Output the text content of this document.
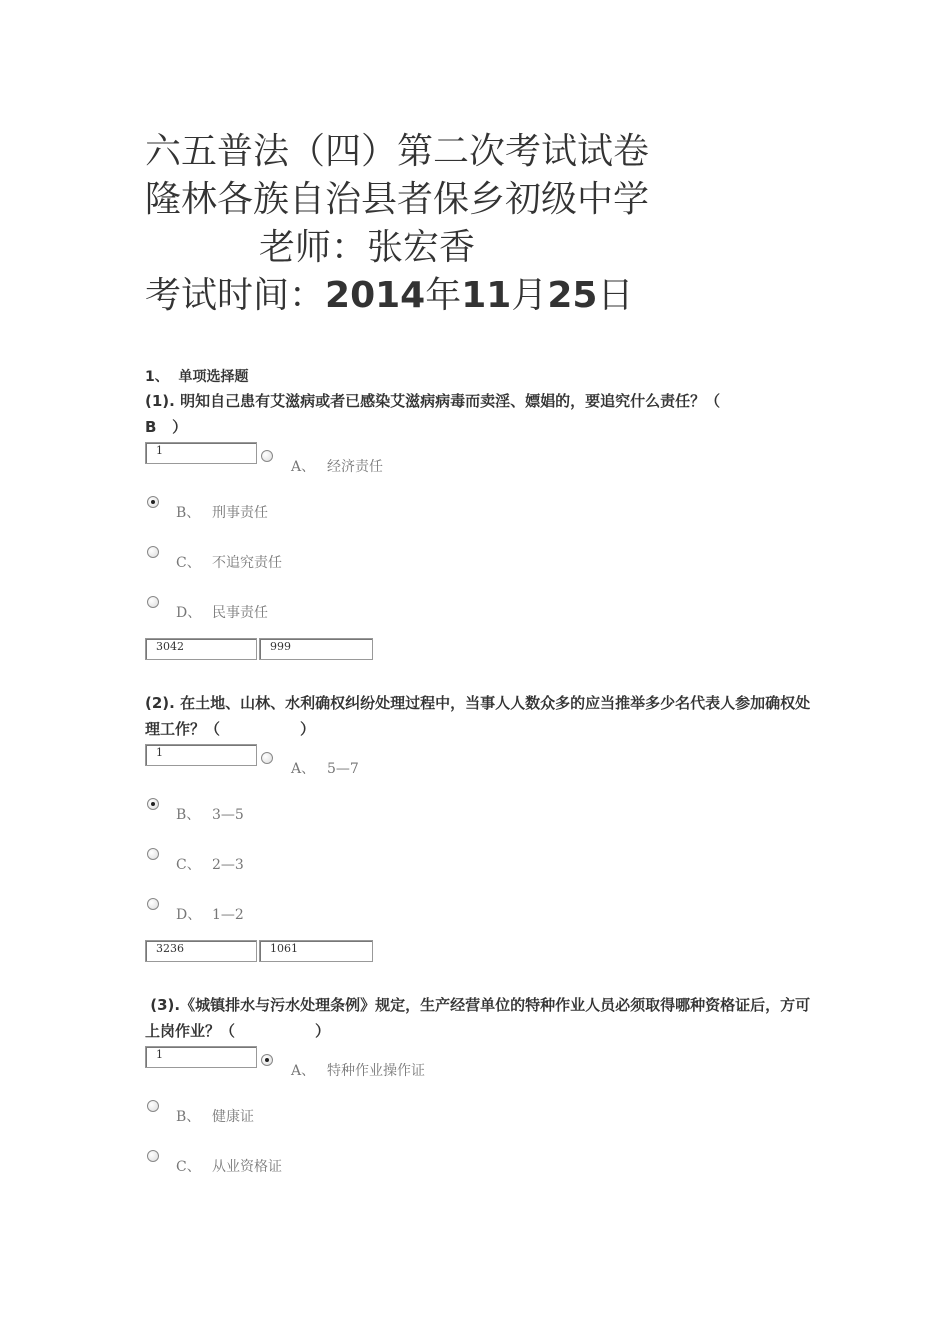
六五普法（四）第二次考试试卷
隆林各族自治县者保乡初级中学
老师：张宏香
考试时间：2014年11月25日
1、 单项选择题
(1). 明知自己患有艾滋病或者已感染艾滋病病毒而卖淫、嫖娼的，要追究什么责任？（
B ）
1
A、 经济责任
B、 刑事责任
C、 不追究责任
D、 民事责任
3042	999
(2). 在土地、山林、水利确权纠纷处理过程中，当事人人数众多的应当推举多少名代表人参加确权处理工作？（	）
1
A、 5—7
B、 3—5
C、 2—3
D、 1—2
3236	1061
(3).《城镇排水与污水处理条例》规定，生产经营单位的特种作业人员必须取得哪种资格证后，方可上岗作业？（	）
1
A、 特种作业操作证
B、 健康证
C、 从业资格证
